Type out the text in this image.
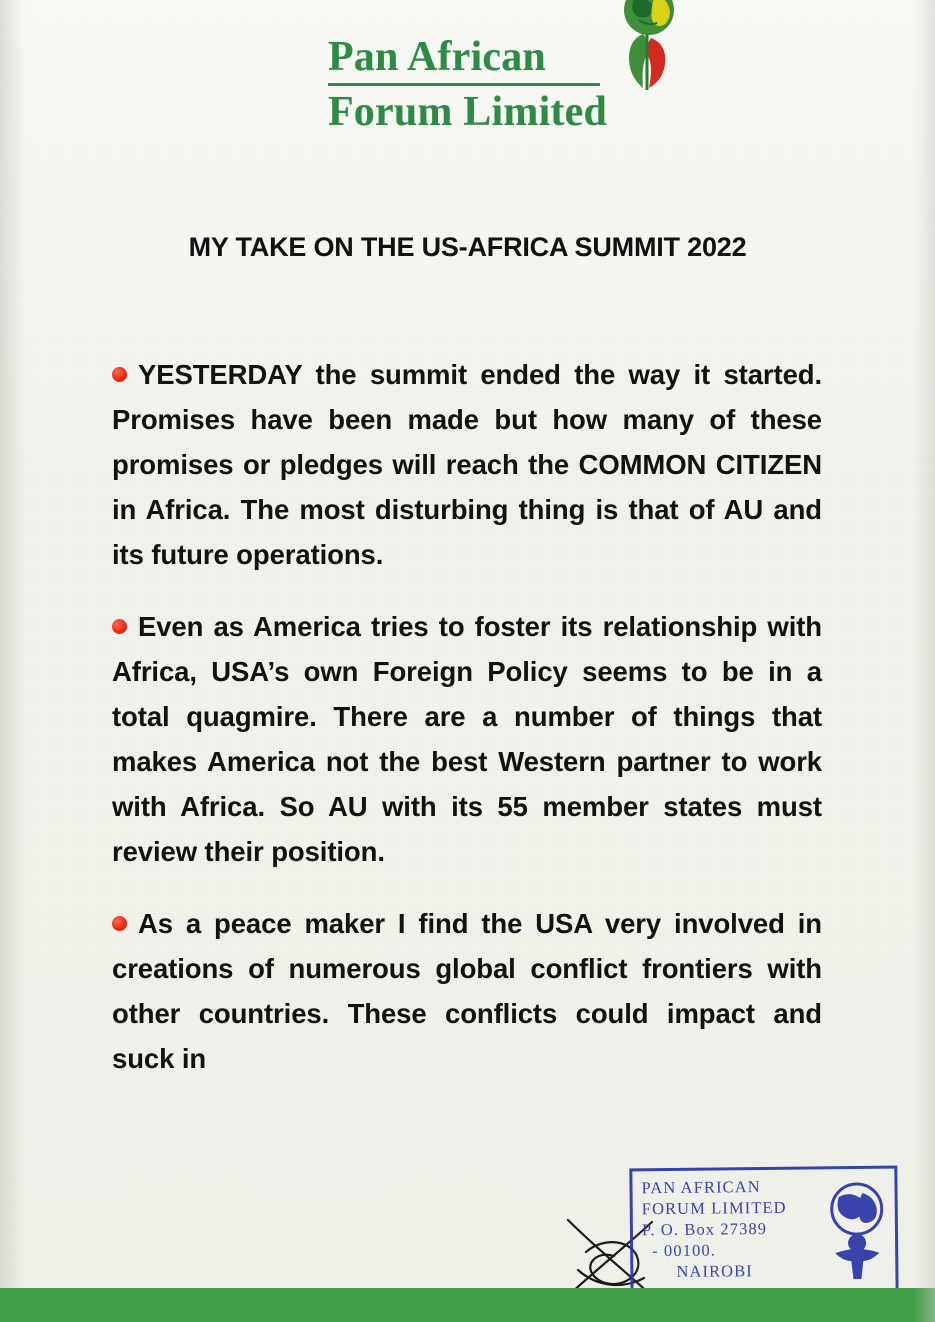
Pan African
Forum Limited
MY TAKE ON THE US-AFRICA SUMMIT 2022

YESTERDAY the summit ended the way it started. Promises have been made but how many of these promises or pledges will reach the COMMON CITIZEN in Africa. The most disturbing thing is that of AU and its future operations.

Even as America tries to foster its relationship with Africa, USA’s own Foreign Policy seems to be in a total quagmire. There are a number of things that makes America not the best Western partner to work with Africa. So AU with its 55 member states must review their position.

As a peace maker I find the USA very involved in creations of numerous global conflict frontiers with other countries. These conflicts could impact and suck in

PAN AFRICAN
FORUM LIMITED
P. O. Box 27389
- 00100.
NAIROBI
